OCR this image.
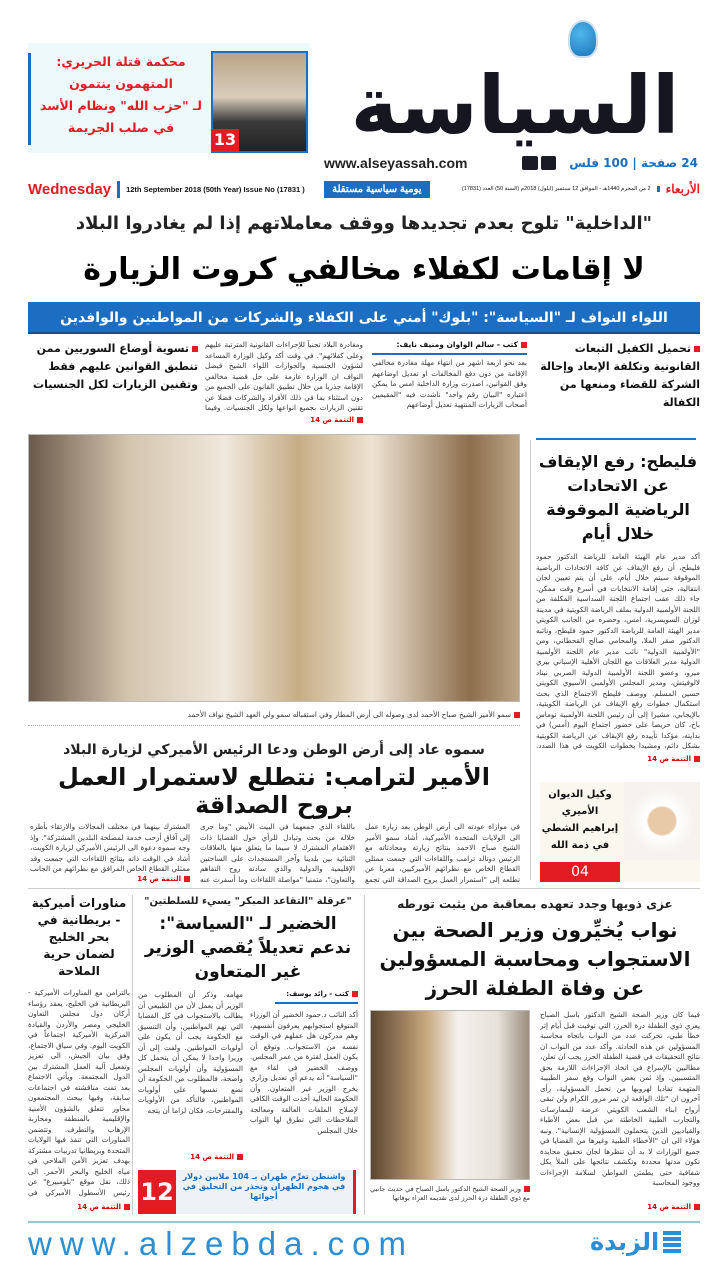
محكمة قتلة الحريري:
المتهمون ينتمون
لـ "حزب الله" ونظام الأسد
في صلب الجريمة
13 السياسة
www.alseyassah.com	24 صفحة | 100 فلس
Wednesday	12th September 2018 (50th Year) Issue No (17831 )	يومية سياسية مستقلة	2 من المحرم 1440هـ - الموافق 12 سبتمبر (أيلول) 2018م (السنة 50) العدد (17831)	الأربعاء
"الداخلية" تلوح بعدم تجديدها ووقف معاملاتهم إذا لم يغادروا البلاد
لا إقامات لكفلاء مخالفي كروت الزيارة
اللواء النواف لـ "السياسة": "بلوك" أمني على الكفلاء والشركات من المواطنين والوافدين
تحميل الكفيل التبعات القانونية وتكلفة الإبعاد وإحالة الشركة للقضاء ومنعها من الكفالة
كتب - سالم الواوان ومنيف نايف:
بعد نحو اربعة اشهر من انتهاء مهلة مغادرة مخالفي الإقامة من دون دفع المخالفات او تعديل اوضاعهم وفق القوانين، اصدرت وزارة الداخلية امس ما يمكن اعتباره "البيان رقم واحد" ناشدت فيه "المقيمين أصحاب الزيارات المنتهية تعديل أوضاعهم
ومغادرة البلاد تجنباً للإجراءات القانونية المترتبة عليهم وعلى كفلائهم". في وقت أكد وكيل الوزارة المساعد لشؤون الجنسية والجوازات اللواء الشيخ فيصل النواف ان الوزارة عازمة على حل قضية مخالفي الإقامة جذريا من خلال تطبيق القانون على الجميع من دون استثناء بما في ذلك الأفراد والشركات فضلا عن تقنين الزيارات بجميع انواعها ولكل الجنسيات. وفيما
التتمة ص 14
تسوية أوضاع السوريين ممن تنطبق القوانين عليهم فقط وتقنين الزيارات لكل الجنسيات
سمو الأمير الشيخ صباح الأحمد لدى وصوله الى أرض المطار وفي استقباله سمو ولي العهد الشيخ نواف الأحمد
فليطح: رفع الإيقاف عن الاتحادات الرياضية الموقوفة خلال أيام
أكد مدير عام الهيئة العامة للرياضة الدكتور حمود فليطح، أن رفع الإيقاف عن كافة الاتحادات الرياضية الموقوفة سيتم خلال أيام، على أن يتم تعيين لجان انتقالية، حتى إقامة الانتخابات في أسرع وقت ممكن. جاء ذلك عقب اجتماع اللجنة السداسية المكلفة من اللجنة الأولمبية الدولية بملف الرياضة الكويتية في مدينة لوزان السويسرية، امس، وحضره من الجانب الكويتي مدير الهيئة العامة للرياضة الدكتور حمود فليطح، ونائبه الدكتور صقر الملا، والمحامي صالح القحطاني، ومن "الأولمبية الدولية" نائب مدير عام اللجنة الأولمبية الدولية مدير العلاقات مع اللجان الأهلية الإسباني بيري ميرو، وعضو اللجنة الأولمبية الدولية الصربي نيناد لالوفيتش، ومدير المجلس الأولمبي الآسيوي الكويتي حسين المسلم. ووصف فليطح الاجتماع الذي بحث استكمال خطوات رفع الإيقاف عن الرياضة الكويتية، بالإيجابي، مشيرا إلى أن رئيس اللجنة الأولمبية توماس باخ، كان حريصا على حضور اجتماع اليوم (أمس) في بدايته، مؤكدا تأييده رفع الإيقاف عن الرياضة الكويتية بشكل دائم، ومشيدا بخطوات الكويت في هذا الصدد.
التتمة ص 14
سموه عاد إلى أرض الوطن ودعا الرئيس الأميركي لزيارة البلاد
الأمير لترامب: نتطلع لاستمرار العمل بروح الصداقة
في موازاة عودته الى أرض الوطن بعد زيارة عمل الى الولايات المتحدة الأميركية، أشاد سمو الأمير الشيخ صباح الاحمد بنتائج زيارته ومحادثاته مع الرئيس دونالد ترامب واللقاءات التي جمعت ممثلي القطاع الخاص مع نظرائهم الأميركيين، معربا عن تطلعه إلى "استمرار العمل بروح الصداقة التي تجمع
باللقاء الذي جمعهما في البيت الأبيض "وما جرى خلاله من بحث وتبادل للرأي حول القضايا ذات الاهتمام المشترك لا سيما ما يتعلق منها بالعلاقات الثنائية بين بلدينا وآخر المستجدات على الساحتين الإقليمية والدولية والذي سادته روح التفاهم والتعاون"، متمنيا "مواصلة اللقاءات وما أسفرت عنه
المشترك بينهما في مختلف المجالات والارتقاء بأطره إلى آفاق أرحب خدمة لمصلحة البلدين المشتركة". وإذ وجه سموه دعوة الى الرئيس الأميركي لزيارة الكويت، أشاد في الوقت ذاته بنتائج اللقاءات التي جمعت وفد ممثلي القطاع الخاص المرافق مع نظرائهم من الجانب
التتمة ص 14
وكيل الديوان
الأميري
إبراهيم الشطي
في ذمة الله
04
عزى ذويها وجدد تعهده بمعاقبة من يثبت تورطه
نواب يُخيِّرون وزير الصحة بين الاستجواب ومحاسبة المسؤولين عن وفاة الطفلة الحرز
وزير الصحة الشيخ الدكتور باسل الصباح في حديث جانبي مع ذوي الطفلة درة الحرز لدى تقديمه العزاء بوفاتها
فيما كان وزير الصحة الشيخ الدكتور باسل الصباح يعزي ذوي الطفلة درة الحرز، التي توفيت قبل أيام إثر خطأ طبي، تحركت عدد من النواب باتجاه محاسبة المسؤولين عن هذه الحادثة. وأكد عدد من النواب ان نتائج التحقيقات في قضية الطفلة الحرز يجب ان تعلن، مطالبين بالإسراع في اتخاذ الإجراءات اللازمة بحق المتسببين. وإذ ثمن بعض النواب وقع سفر الطبيبة المتهمة تفاديا لهروبها من تحمل المسؤولية، رأى آخرون ان "تلك الواقعة لن تمر مرور الكرام ولن تبقى أرواح ابناء الشعب الكويتي عرضة للممارسات والتجارب الطبية الخاطئة من قبل بعض الأطباء والقياديين الذين يتحملون المسؤولية الإنسانية". ونبه هؤلاء الى ان "الأخطاء الطبية وغيرها من القضايا في جميع الوزارات لا بد أن تنظرها لجان تحقيق محايدة تكون مدتها محددة وتكشف نتائجها على الملأ بكل شفافية حتى يطمئن المواطن لسلامة الإجراءات ووجود المحاسبة
التتمة ص 14
"عرقلة "التقاعد المبكر" يسيء للسلطتين"
الخضير لـ "السياسة": ندعم تعديلاً يُقصي الوزير غير المتعاون
كتب - رائد يوسف:
أكد النائب د.حمود الخضير أن الوزراء المتوقع استجوابهم يعرفون أنفسهم، وهم مدركون هل عملهم في الوقت نفسه من الاستجواب. وتوقع أن يكون العمل لفترة من عمر المجلس. ووصف الخضير في لقاء مع "السياسة" أنه يدعم أي تعديل وزاري يخرج الوزير غير المتعاون. وأن الحكومة الحالية أخذت الوقت الكافي لإصلاح الملفات العالقة ومعالجة الملاحظات التي تطرق لها النواب خلال المجلس
مهامه. وذكر أن المطلوب من الوزير أن يعمل لأن من الطبيعي أن يطالب بالاستجواب في كل القضايا التي تهم المواطنين، وأن التنسيق مع الحكومة يجب أن يكون على أولويات المواطنين. ولفت إلى أن وزيرا واحدا لا يمكن أن يتحمل كل المسؤولية وأن أولويات المجلس واضحة، فالمطلوب من الحكومة أن تضع نفسها على أولويات المواطنين، فالتأكد من الأولويات والمقترحات، فكان لزاما أن يتجه
التتمة ص 14
12
واشنطن تغرِّم طهران بـ 104 ملايين دولار
في هجوم الظهران وتحذر من التحليق في أجوائها
مناورات أميركية - بريطانية في بحر الخليج لضمان حرية الملاحة
بالتزامن مع المناورات الأميركية - البريطانية في الخليج، يعقد رؤساء أركان دول مجلس التعاون الخليجي ومصر والأردن والقيادة المركزية الأميركية اجتماعاً في الكويت اليوم. وفي سياق الاجتماع، وفق بيان الجيش، الى تعزيز وتفعيل آلية العمل المشترك بين الدول المجتمعة. ويأتي الاجتماع بعد تمت مناقشته في اجتماعات سابقة، وفيها يبحث المجتمعون محاور تتعلق بالشؤون الأمنية والإقليمية بالمنطقة ومحاربة الإرهاب والتطرف. وتتضمن المناورات التي تنفذ فيها الولايات المتحدة وبريطانيا تدريبات مشتركة بهدف تعزيز الأمن الملاحي في مياه الخليج والبحر الأحمر. الى ذلك، نقل موقع "بلومبيرغ" عن رئيس الأسطول الأميركي في
التتمة ص 14
www.alzebda.com	الزبدة
